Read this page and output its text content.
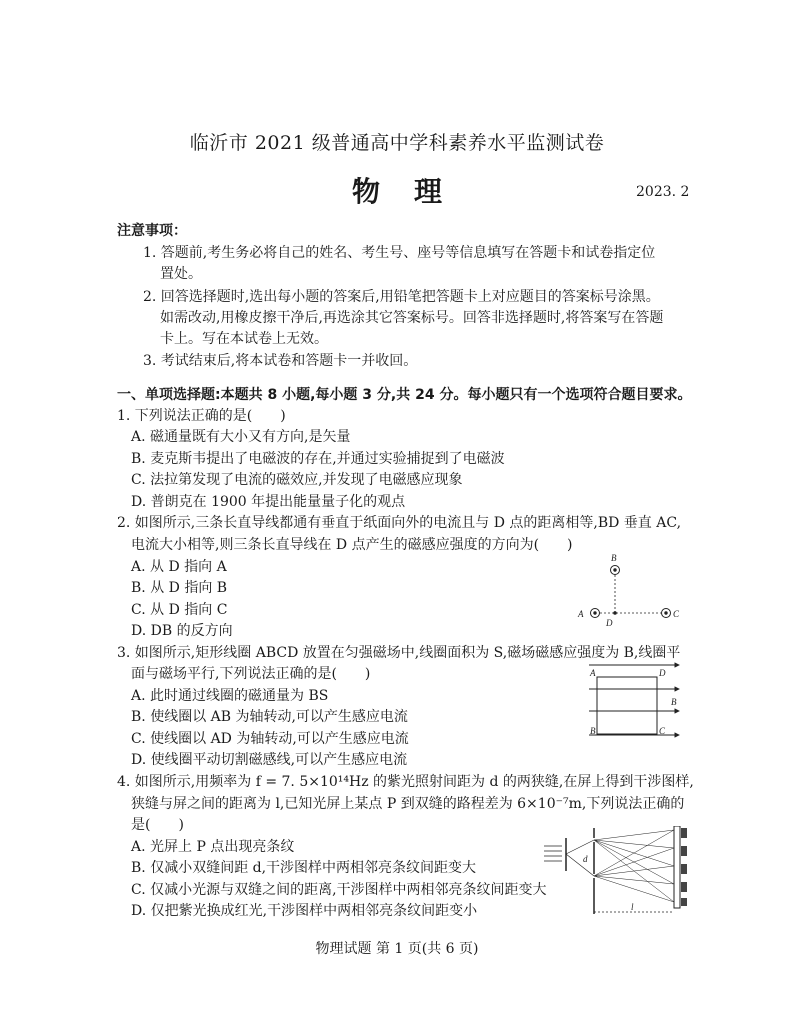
临沂市 2021 级普通高中学科素养水平监测试卷
物理	2023. 2
注意事项：
1. 答题前,考生务必将自己的姓名、考生号、座号等信息填写在答题卡和试卷指定位
置处。
2. 回答选择题时,选出每小题的答案后,用铅笔把答题卡上对应题目的答案标号涂黑。
如需改动,用橡皮擦干净后,再选涂其它答案标号。回答非选择题时,将答案写在答题
卡上。写在本试卷上无效。
3. 考试结束后,将本试卷和答题卡一并收回。
一、单项选择题:本题共 8 小题,每小题 3 分,共 24 分。每小题只有一个选项符合题目要求。
1. 下列说法正确的是(　　)
A. 磁通量既有大小又有方向,是矢量
B. 麦克斯韦提出了电磁波的存在,并通过实验捕捉到了电磁波
C. 法拉第发现了电流的磁效应,并发现了电磁感应现象
D. 普朗克在 1900 年提出能量量子化的观点
2. 如图所示,三条长直导线都通有垂直于纸面向外的电流且与 D 点的距离相等,BD 垂直 AC,
电流大小相等,则三条长直导线在 D 点产生的磁感应强度的方向为(　　)
A. 从 D 指向 A
B. 从 D 指向 B
C. 从 D 指向 C
D. DB 的反方向
B
A
D
C
3. 如图所示,矩形线圈 ABCD 放置在匀强磁场中,线圈面积为 S,磁场磁感应强度为 B,线圈平
面与磁场平行,下列说法正确的是(　　)
A. 此时通过线圈的磁通量为 BS
B. 使线圈以 AB 为轴转动,可以产生感应电流
C. 使线圈以 AD 为轴转动,可以产生感应电流
D. 使线圈平动切割磁感线,可以产生感应电流
A	D
B
B	C
4. 如图所示,用频率为 f = 7. 5×10¹⁴Hz 的紫光照射间距为 d 的两狭缝,在屏上得到干涉图样,
狭缝与屏之间的距离为 l,已知光屏上某点 P 到双缝的路程差为 6×10⁻⁷m,下列说法正确的
是(　　)
A. 光屏上 P 点出现亮条纹
B. 仅减小双缝间距 d,干涉图样中两相邻亮条纹间距变大
C. 仅减小光源与双缝之间的距离,干涉图样中两相邻亮条纹间距变大
D. 仅把紫光换成红光,干涉图样中两相邻亮条纹间距变小
d
l
物理试题 第 1 页(共 6 页)
